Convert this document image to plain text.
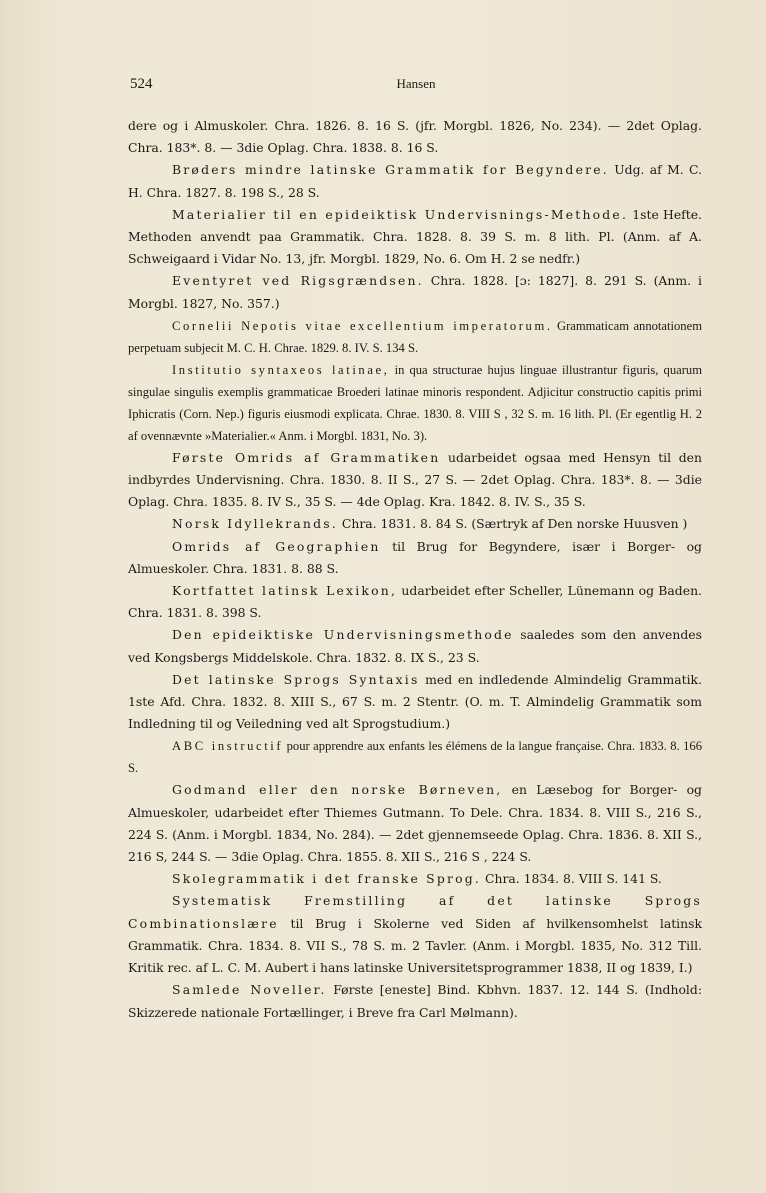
524	Hansen

dere og i Almuskoler. Chra. 1826. 8. 16 S. (jfr. Morgbl. 1826, No. 234). — 2det Oplag. Chra. 183*. 8. — 3die Oplag. Chra. 1838. 8. 16 S.

Brøders mindre latinske Grammatik for Begyndere. Udg. af M. C. H. Chra. 1827. 8. 198 S., 28 S.

Materialier til en epideiktisk Undervisnings-Methode. 1ste Hefte. Methoden anvendt paa Grammatik. Chra. 1828. 8. 39 S. m. 8 lith. Pl. (Anm. af A. Schweigaard i Vidar No. 13, jfr. Morgbl. 1829, No. 6. Om H. 2 se nedfr.)

Eventyret ved Rigsgrændsen. Chra. 1828. [ɔ: 1827]. 8. 291 S. (Anm. i Morgbl. 1827, No. 357.)

Cornelii Nepotis vitae excellentium imperatorum. Grammaticam annotationem perpetuam subjecit M. C. H. Chrae. 1829. 8. IV. S. 134 S.

Institutio syntaxeos latinae, in qua structurae hujus linguae illustrantur figuris, quarum singulae singulis exemplis grammaticae Broederi latinae minoris respondent. Adjicitur constructio capitis primi Iphicratis (Corn. Nep.) figuris eiusmodi explicata. Chrae. 1830. 8. VIII S , 32 S. m. 16 lith. Pl. (Er egentlig H. 2 af ovennævnte »Materialier.« Anm. i Morgbl. 1831, No. 3).

Første Omrids af Grammatiken udarbeidet ogsaa med Hensyn til den indbyrdes Undervisning. Chra. 1830. 8. II S., 27 S. — 2det Oplag. Chra. 183*. 8. — 3die Oplag. Chra. 1835. 8. IV S., 35 S. — 4de Oplag. Kra. 1842. 8. IV. S., 35 S.

Norsk Idyllekrands. Chra. 1831. 8. 84 S. (Særtryk af Den norske Huusven )

Omrids af Geographien til Brug for Begyndere, især i Borger- og Almueskoler. Chra. 1831. 8. 88 S.

Kortfattet latinsk Lexikon, udarbeidet efter Scheller, Lünemann og Baden. Chra. 1831. 8. 398 S.

Den epideiktiske Undervisningsmethode saaledes som den anvendes ved Kongsbergs Middelskole. Chra. 1832. 8. IX S., 23 S.

Det latinske Sprogs Syntaxis med en indledende Almindelig Grammatik. 1ste Afd. Chra. 1832. 8. XIII S., 67 S. m. 2 Stentr. (O. m. T. Almindelig Grammatik som Indledning til og Veiledning ved alt Sprogstudium.)

ABC instructif pour apprendre aux enfants les élémens de la langue française. Chra. 1833. 8. 166 S.

Godmand eller den norske Børneven, en Læsebog for Borger- og Almueskoler, udarbeidet efter Thiemes Gutmann. To Dele. Chra. 1834. 8. VIII S., 216 S., 224 S. (Anm. i Morgbl. 1834, No. 284). — 2det gjennemseede Oplag. Chra. 1836. 8. XII S., 216 S, 244 S. — 3die Oplag. Chra. 1855. 8. XII S., 216 S , 224 S.

Skolegrammatik i det franske Sprog. Chra. 1834. 8. VIII S. 141 S.

Systematisk Fremstilling af det latinske Sprogs Combinationslære til Brug i Skolerne ved Siden af hvilkensomhelst latinsk Grammatik. Chra. 1834. 8. VII S., 78 S. m. 2 Tavler. (Anm. i Morgbl. 1835, No. 312 Till. Kritik rec. af L. C. M. Aubert i hans latinske Universitetsprogrammer 1838, II og 1839, I.)

Samlede Noveller. Første [eneste] Bind. Kbhvn. 1837. 12. 144 S. (Indhold: Skizzerede nationale Fortællinger, i Breve fra Carl Mølmann).
